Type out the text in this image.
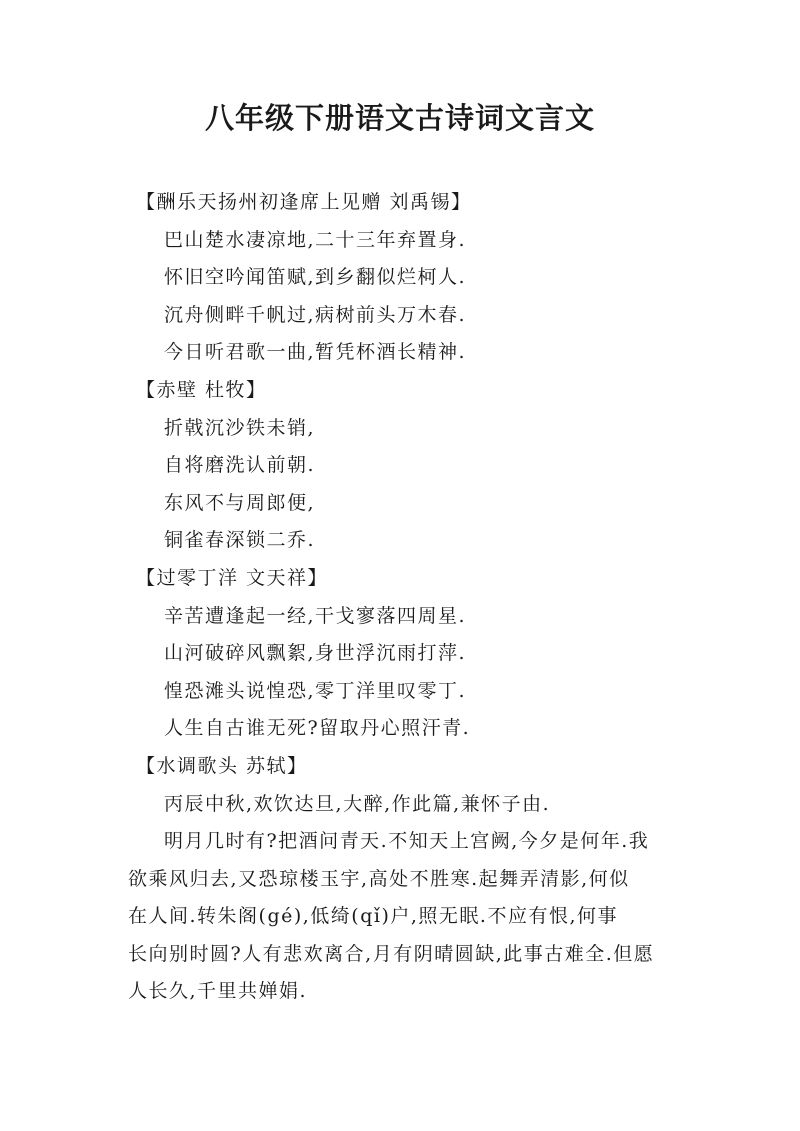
八年级下册语文古诗词文言文
【酬乐天扬州初逢席上见赠 刘禹锡】
巴山楚水凄凉地,二十三年弃置身.
怀旧空吟闻笛赋,到乡翻似烂柯人.
沉舟侧畔千帆过,病树前头万木春.
今日听君歌一曲,暂凭杯酒长精神.
【赤壁 杜牧】
折戟沉沙铁未销,
自将磨洗认前朝.
东风不与周郎便,
铜雀春深锁二乔.
【过零丁洋 文天祥】
辛苦遭逢起一经,干戈寥落四周星.
山河破碎风飘絮,身世浮沉雨打萍.
惶恐滩头说惶恐,零丁洋里叹零丁.
人生自古谁无死?留取丹心照汗青.
【水调歌头 苏轼】
丙辰中秋,欢饮达旦,大醉,作此篇,兼怀子由.
明月几时有?把酒问青天.不知天上宫阙,今夕是何年.我
欲乘风归去,又恐琼楼玉宇,高处不胜寒.起舞弄清影,何似
在人间.转朱阁(gé),低绮(qǐ)户,照无眠.不应有恨,何事
长向别时圆?人有悲欢离合,月有阴晴圆缺,此事古难全.但愿
人长久,千里共婵娟.
